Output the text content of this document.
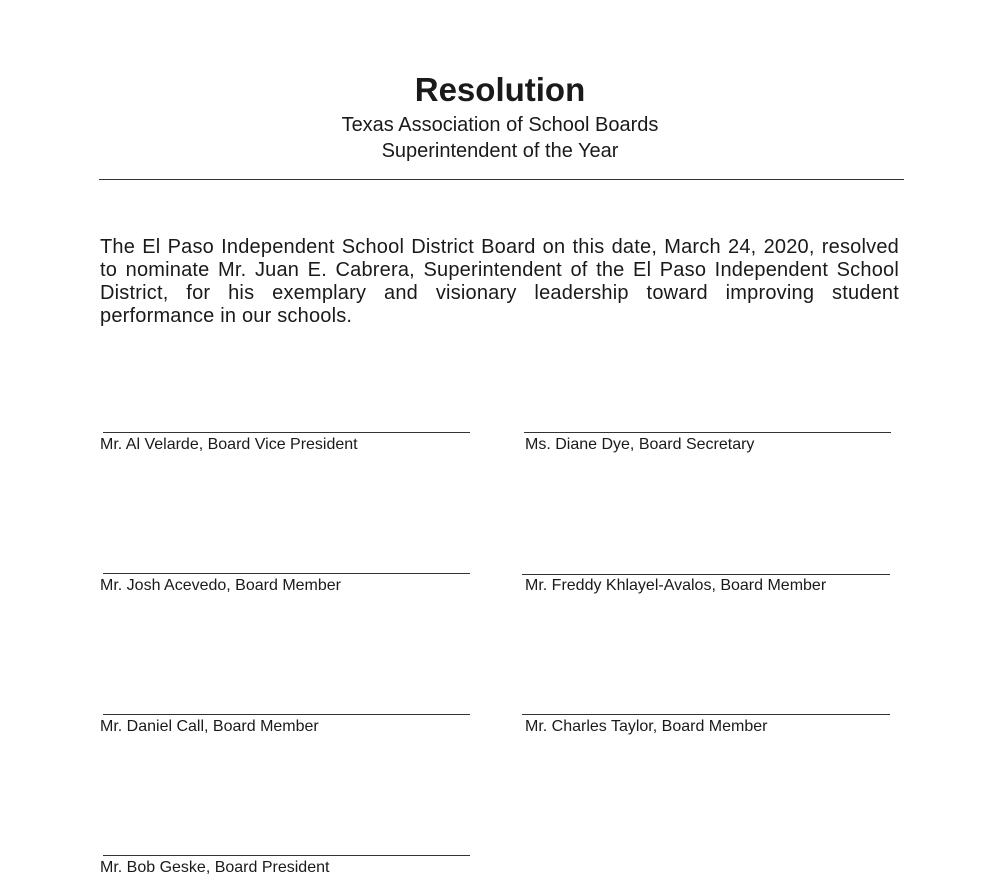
Resolution
Texas Association of School Boards
Superintendent of the Year
The El Paso Independent School District Board on this date, March 24, 2020, resolved to nominate Mr. Juan E. Cabrera, Superintendent of the El Paso Independent School District, for his exemplary and visionary leadership toward improving student performance in our schools.
Mr. Al Velarde, Board Vice President	Ms. Diane Dye, Board Secretary
Mr. Josh Acevedo, Board Member	Mr. Freddy Khlayel-Avalos, Board Member
Mr. Daniel Call, Board Member	Mr. Charles Taylor, Board Member
Mr. Bob Geske, Board President
